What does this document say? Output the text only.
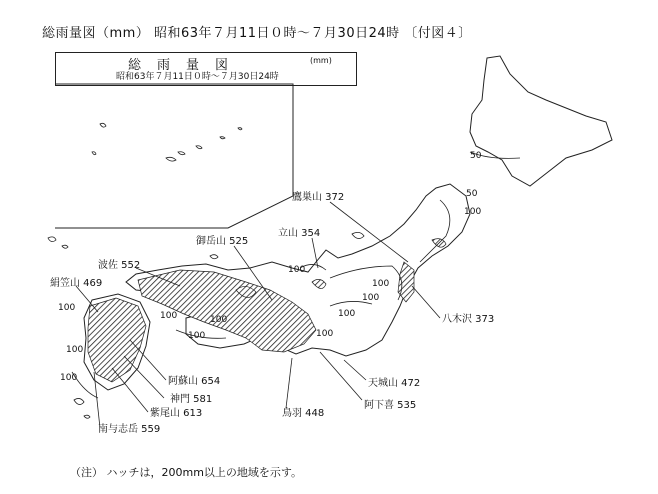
総雨量図（mm） 昭和63年７月11日０時～７月30日24時 〔付図４〕
総雨量図	(mm)
昭和63年７月11日０時～７月30日24時
鷹巣山 372
立山 354
御岳山 525
波佐 552
絹笠山 469
八木沢 373
天城山 472
阿下喜 535
鳥羽 448
阿蘇山 654
神門 581
紫尾山 613
南与志岳 559
50
50
100
100
100
100	100
100
100
100
100
100
100
100
（注） ハッチは，200mm以上の地域を示す。
